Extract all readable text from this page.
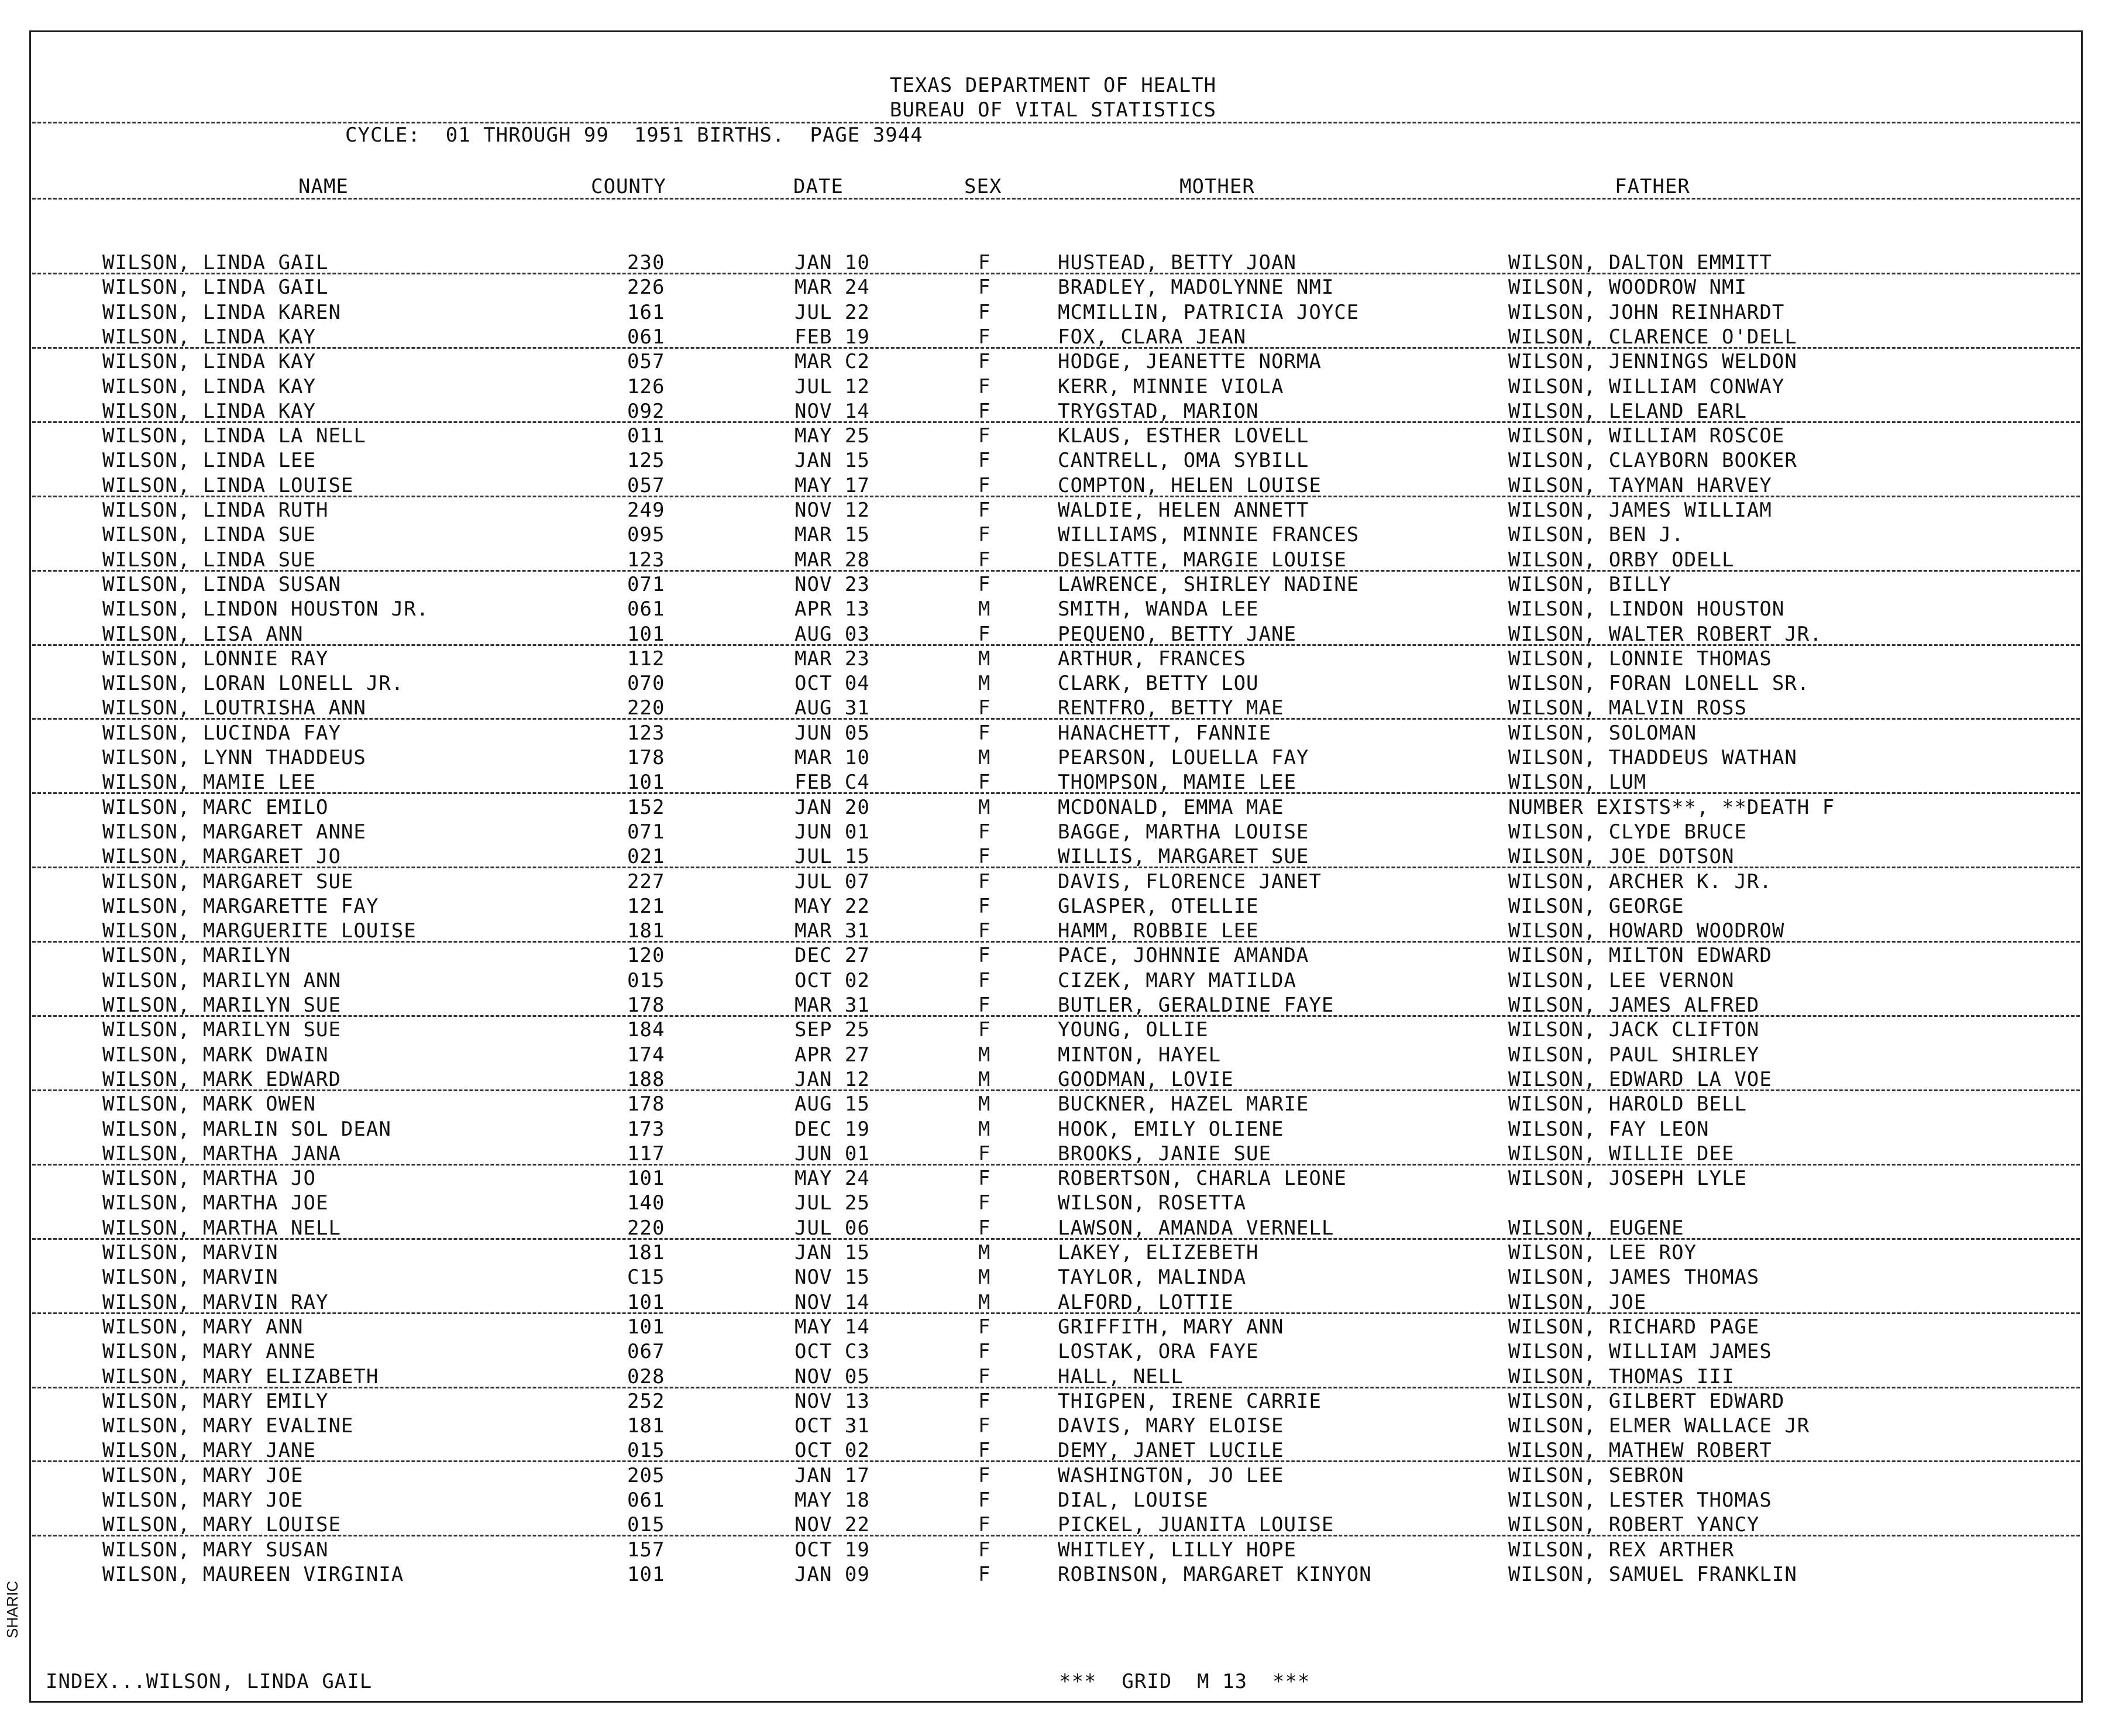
TEXAS DEPARTMENT OF HEALTH
BUREAU OF VITAL STATISTICS
CYCLE:  01 THROUGH 99  1951 BIRTHS.  PAGE 3944
NAME	COUNTY	DATE	SEX	MOTHER	FATHER
WILSON, LINDA GAIL	230	JAN 10	F	HUSTEAD, BETTY JOAN	WILSON, DALTON EMMITT
WILSON, LINDA GAIL	226	MAR 24	F	BRADLEY, MADOLYNNE NMI	WILSON, WOODROW NMI
WILSON, LINDA KAREN	161	JUL 22	F	MCMILLIN, PATRICIA JOYCE	WILSON, JOHN REINHARDT
WILSON, LINDA KAY	061	FEB 19	F	FOX, CLARA JEAN	WILSON, CLARENCE O'DELL
WILSON, LINDA KAY	057	MAR C2	F	HODGE, JEANETTE NORMA	WILSON, JENNINGS WELDON
WILSON, LINDA KAY	126	JUL 12	F	KERR, MINNIE VIOLA	WILSON, WILLIAM CONWAY
WILSON, LINDA KAY	092	NOV 14	F	TRYGSTAD, MARION	WILSON, LELAND EARL
WILSON, LINDA LA NELL	011	MAY 25	F	KLAUS, ESTHER LOVELL	WILSON, WILLIAM ROSCOE
WILSON, LINDA LEE	125	JAN 15	F	CANTRELL, OMA SYBILL	WILSON, CLAYBORN BOOKER
WILSON, LINDA LOUISE	057	MAY 17	F	COMPTON, HELEN LOUISE	WILSON, TAYMAN HARVEY
WILSON, LINDA RUTH	249	NOV 12	F	WALDIE, HELEN ANNETT	WILSON, JAMES WILLIAM
WILSON, LINDA SUE	095	MAR 15	F	WILLIAMS, MINNIE FRANCES	WILSON, BEN J.
WILSON, LINDA SUE	123	MAR 28	F	DESLATTE, MARGIE LOUISE	WILSON, ORBY ODELL
WILSON, LINDA SUSAN	071	NOV 23	F	LAWRENCE, SHIRLEY NADINE	WILSON, BILLY
WILSON, LINDON HOUSTON JR.	061	APR 13	M	SMITH, WANDA LEE	WILSON, LINDON HOUSTON
WILSON, LISA ANN	101	AUG 03	F	PEQUENO, BETTY JANE	WILSON, WALTER ROBERT JR.
WILSON, LONNIE RAY	112	MAR 23	M	ARTHUR, FRANCES	WILSON, LONNIE THOMAS
WILSON, LORAN LONELL JR.	070	OCT 04	M	CLARK, BETTY LOU	WILSON, FORAN LONELL SR.
WILSON, LOUTRISHA ANN	220	AUG 31	F	RENTFRO, BETTY MAE	WILSON, MALVIN ROSS
WILSON, LUCINDA FAY	123	JUN 05	F	HANACHETT, FANNIE	WILSON, SOLOMAN
WILSON, LYNN THADDEUS	178	MAR 10	M	PEARSON, LOUELLA FAY	WILSON, THADDEUS WATHAN
WILSON, MAMIE LEE	101	FEB C4	F	THOMPSON, MAMIE LEE	WILSON, LUM
WILSON, MARC EMILO	152	JAN 20	M	MCDONALD, EMMA MAE	NUMBER EXISTS**, **DEATH F
WILSON, MARGARET ANNE	071	JUN 01	F	BAGGE, MARTHA LOUISE	WILSON, CLYDE BRUCE
WILSON, MARGARET JO	021	JUL 15	F	WILLIS, MARGARET SUE	WILSON, JOE DOTSON
WILSON, MARGARET SUE	227	JUL 07	F	DAVIS, FLORENCE JANET	WILSON, ARCHER K. JR.
WILSON, MARGARETTE FAY	121	MAY 22	F	GLASPER, OTELLIE	WILSON, GEORGE
WILSON, MARGUERITE LOUISE	181	MAR 31	F	HAMM, ROBBIE LEE	WILSON, HOWARD WOODROW
WILSON, MARILYN	120	DEC 27	F	PACE, JOHNNIE AMANDA	WILSON, MILTON EDWARD
WILSON, MARILYN ANN	015	OCT 02	F	CIZEK, MARY MATILDA	WILSON, LEE VERNON
WILSON, MARILYN SUE	178	MAR 31	F	BUTLER, GERALDINE FAYE	WILSON, JAMES ALFRED
WILSON, MARILYN SUE	184	SEP 25	F	YOUNG, OLLIE	WILSON, JACK CLIFTON
WILSON, MARK DWAIN	174	APR 27	M	MINTON, HAYEL	WILSON, PAUL SHIRLEY
WILSON, MARK EDWARD	188	JAN 12	M	GOODMAN, LOVIE	WILSON, EDWARD LA VOE
WILSON, MARK OWEN	178	AUG 15	M	BUCKNER, HAZEL MARIE	WILSON, HAROLD BELL
WILSON, MARLIN SOL DEAN	173	DEC 19	M	HOOK, EMILY OLIENE	WILSON, FAY LEON
WILSON, MARTHA JANA	117	JUN 01	F	BROOKS, JANIE SUE	WILSON, WILLIE DEE
WILSON, MARTHA JO	101	MAY 24	F	ROBERTSON, CHARLA LEONE	WILSON, JOSEPH LYLE
WILSON, MARTHA JOE	140	JUL 25	F	WILSON, ROSETTA
WILSON, MARTHA NELL	220	JUL 06	F	LAWSON, AMANDA VERNELL	WILSON, EUGENE
WILSON, MARVIN	181	JAN 15	M	LAKEY, ELIZEBETH	WILSON, LEE ROY
WILSON, MARVIN	C15	NOV 15	M	TAYLOR, MALINDA	WILSON, JAMES THOMAS
WILSON, MARVIN RAY	101	NOV 14	M	ALFORD, LOTTIE	WILSON, JOE
WILSON, MARY ANN	101	MAY 14	F	GRIFFITH, MARY ANN	WILSON, RICHARD PAGE
WILSON, MARY ANNE	067	OCT C3	F	LOSTAK, ORA FAYE	WILSON, WILLIAM JAMES
WILSON, MARY ELIZABETH	028	NOV 05	F	HALL, NELL	WILSON, THOMAS III
WILSON, MARY EMILY	252	NOV 13	F	THIGPEN, IRENE CARRIE	WILSON, GILBERT EDWARD
WILSON, MARY EVALINE	181	OCT 31	F	DAVIS, MARY ELOISE	WILSON, ELMER WALLACE JR
WILSON, MARY JANE	015	OCT 02	F	DEMY, JANET LUCILE	WILSON, MATHEW ROBERT
WILSON, MARY JOE	205	JAN 17	F	WASHINGTON, JO LEE	WILSON, SEBRON
WILSON, MARY JOE	061	MAY 18	F	DIAL, LOUISE	WILSON, LESTER THOMAS
WILSON, MARY LOUISE	015	NOV 22	F	PICKEL, JUANITA LOUISE	WILSON, ROBERT YANCY
WILSON, MARY SUSAN	157	OCT 19	F	WHITLEY, LILLY HOPE	WILSON, REX ARTHER
WILSON, MAUREEN VIRGINIA	101	JAN 09	F	ROBINSON, MARGARET KINYON	WILSON, SAMUEL FRANKLIN
INDEX...WILSON, LINDA GAIL	***  GRID  M 13  ***
SHARIC
